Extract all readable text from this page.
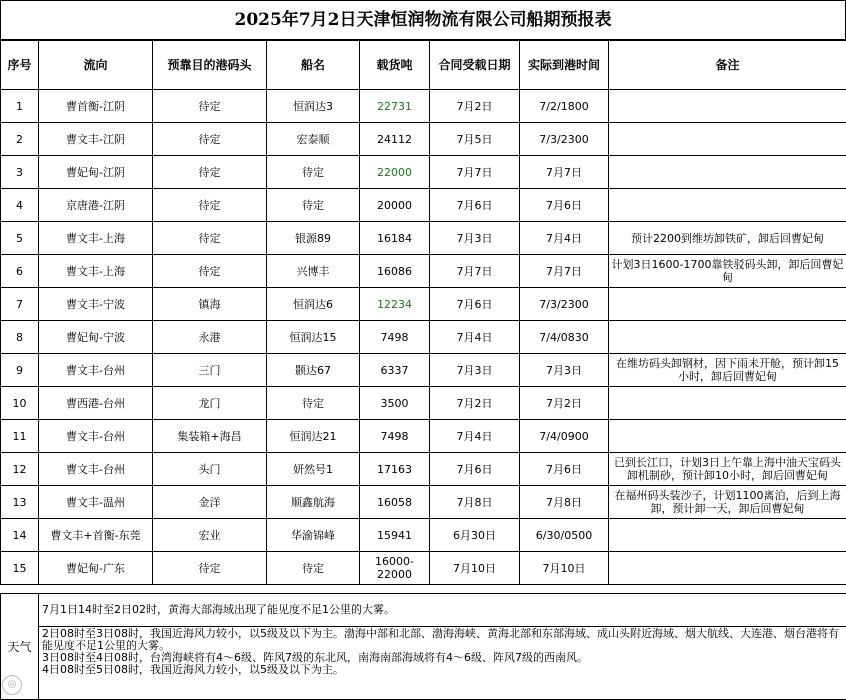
2025年7月2日天津恒润物流有限公司船期预报表
序号	流向	预靠目的港码头	船名	载货吨	合同受载日期	实际到港时间	备注
1	曹首衡-江阴	待定	恒润达3	22731	7月2日	7/2/1800	
2	曹文丰-江阴	待定	宏泰顺	24112	7月5日	7/3/2300	
3	曹妃甸-江阴	待定	待定	22000	7月7日	7月7日	
4	京唐港-江阴	待定	待定	20000	7月6日	7月6日	
5	曹文丰-上海	待定	银源89	16184	7月3日	7月4日	预计2200到维坊卸铁矿，卸后回曹妃甸
6	曹文丰-上海	待定	兴博丰	16086	7月7日	7月7日	计划3日1600-1700靠铁驳码头卸，卸后回曹妃甸
7	曹文丰-宁波	镇海	恒润达6	12234	7月6日	7/3/2300	
8	曹妃甸-宁波	永港	恒润达15	7498	7月4日	7/4/0830	
9	曹文丰-台州	三门	颢达67	6337	7月3日	7月3日	在维坊码头卸钢材，因下雨未开舱，预计卸15小时，卸后回曹妃甸
10	曹西港-台州	龙门	待定	3500	7月2日	7月2日	
11	曹文丰-台州	集装箱+海昌	恒润达21	7498	7月4日	7/4/0900	
12	曹文丰-台州	头门	妍然号1	17163	7月6日	7月6日	已到长江口，计划3日上午靠上海中油天宝码头卸机制砂，预计卸10小时，卸后回曹妃甸
13	曹文丰-温州	金洋	顺鑫航海	16058	7月8日	7月8日	在福州码头装沙子，计划1100离泊，后到上海卸，预计卸一天，卸后回曹妃甸
14	曹文丰+首衡-东莞	宏业	华渝锦峰	15941	6月30日	6/30/0500	
15	曹妃甸-广东	待定	待定	16000-22000	7月10日	7月10日	
天气	7月1日14时至2日02时，黄海大部海域出现了能见度不足1公里的大雾。

2日08时至3日08时，我国近海风力较小，以5级及以下为主。渤海中部和北部、渤海海峡、黄海北部和东部海域、成山头附近海域、烟大航线、大连港、烟台港将有能见度不足1公里的大雾。
3日08时至4日08时，台湾海峡将有4～6级、阵风7级的东北风，南海南部海域将有4～6级、阵风7级的西南风。
4日08时至5日08时，我国近海风力较小，以5级及以下为主。
◎
